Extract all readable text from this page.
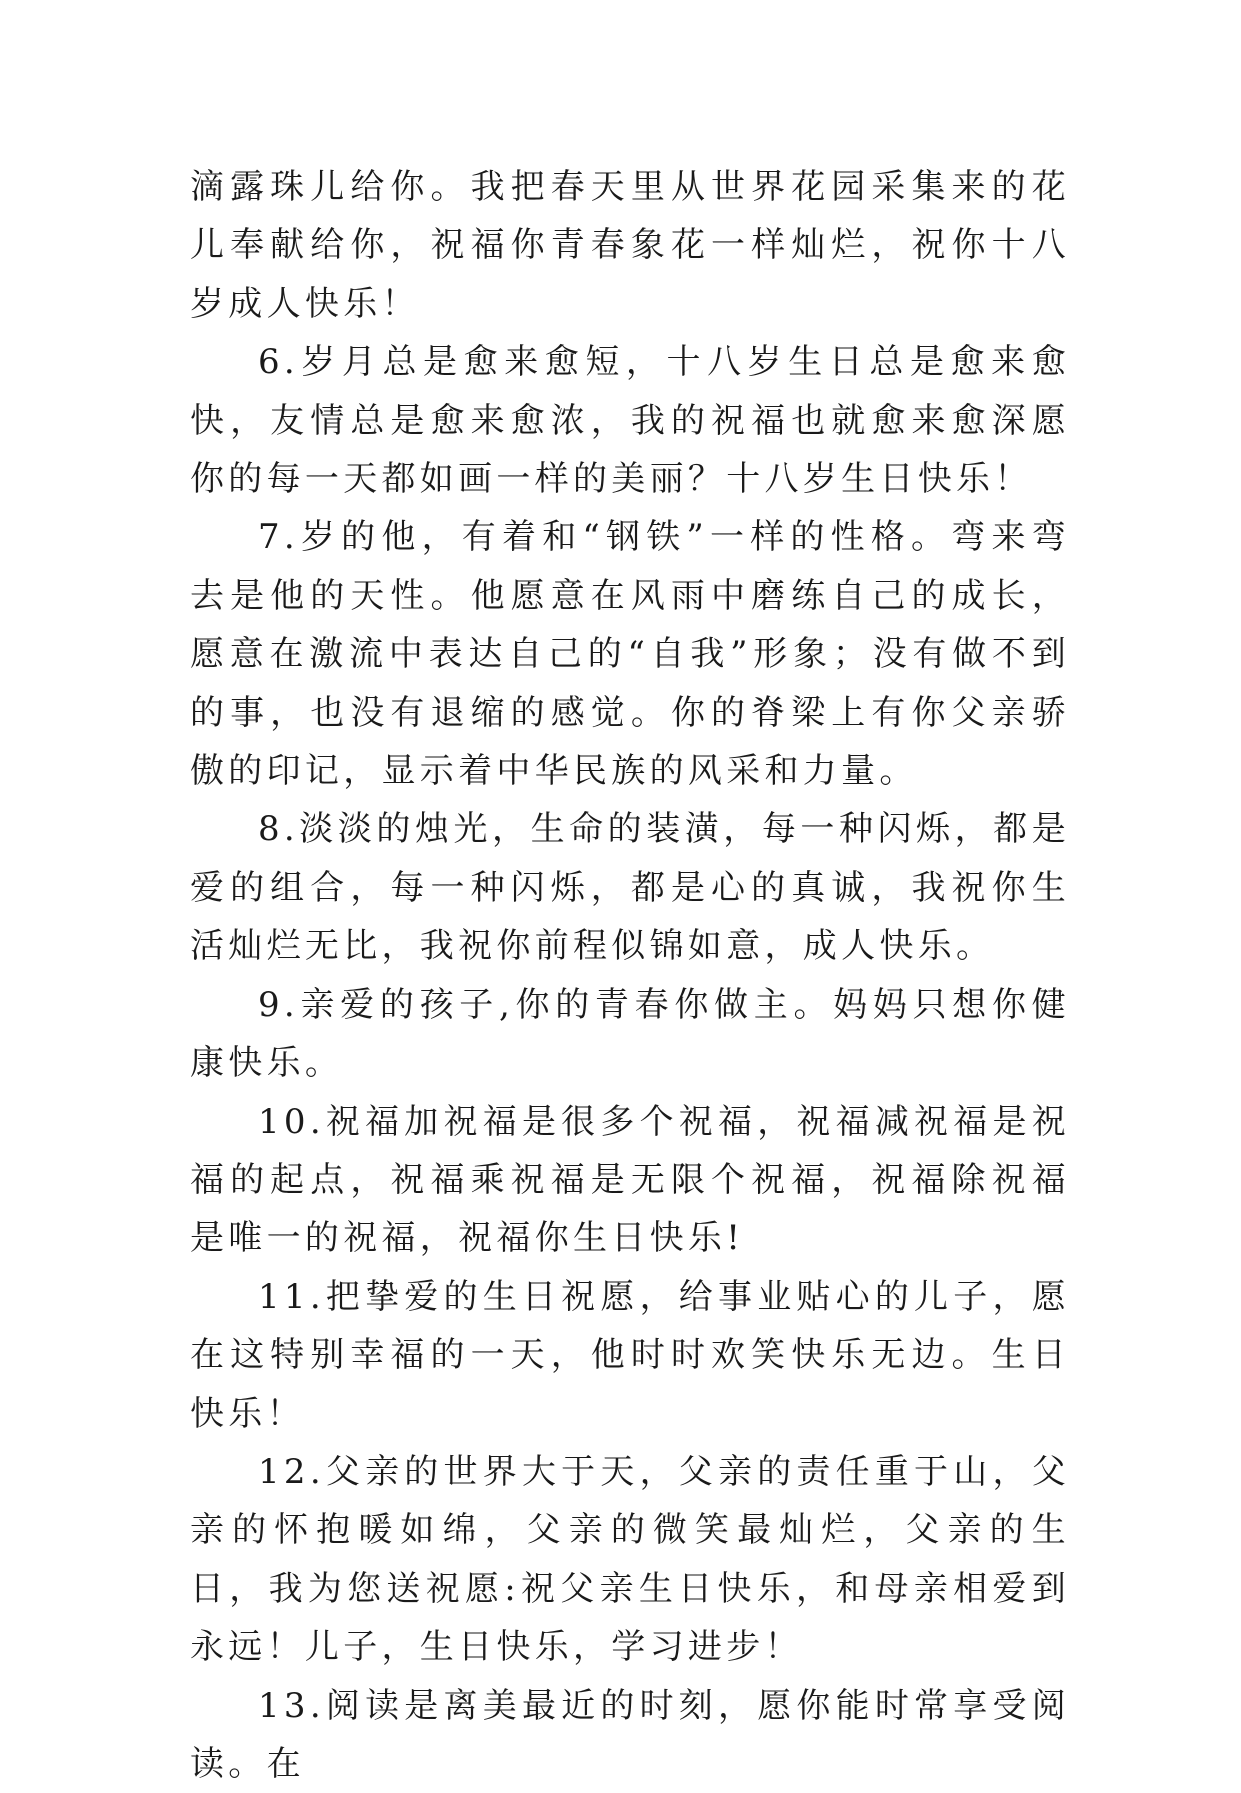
滴露珠儿给你。我把春天里从世界花园采集来的花儿奉献给你，祝福你青春象花一样灿烂，祝你十八岁成人快乐！

6.岁月总是愈来愈短，十八岁生日总是愈来愈快，友情总是愈来愈浓，我的祝福也就愈来愈深愿你的每一天都如画一样的美丽？十八岁生日快乐！

7.岁的他，有着和“钢铁”一样的性格。弯来弯去是他的天性。他愿意在风雨中磨练自己的成长，愿意在激流中表达自己的“自我”形象；没有做不到的事，也没有退缩的感觉。你的脊梁上有你父亲骄傲的印记，显示着中华民族的风采和力量。

8.淡淡的烛光，生命的装潢，每一种闪烁，都是爱的组合，每一种闪烁，都是心的真诚，我祝你生活灿烂无比，我祝你前程似锦如意，成人快乐。

9.亲爱的孩子,你的青春你做主。妈妈只想你健康快乐。

10.祝福加祝福是很多个祝福，祝福减祝福是祝福的起点，祝福乘祝福是无限个祝福，祝福除祝福是唯一的祝福，祝福你生日快乐!

11.把挚爱的生日祝愿，给事业贴心的儿子，愿在这特别幸福的一天，他时时欢笑快乐无边。生日快乐！

12.父亲的世界大于天，父亲的责任重于山，父亲的怀抱暖如绵，父亲的微笑最灿烂，父亲的生日，我为您送祝愿:祝父亲生日快乐，和母亲相爱到永远！儿子，生日快乐，学习进步！

13.阅读是离美最近的时刻，愿你能时常享受阅读。在
